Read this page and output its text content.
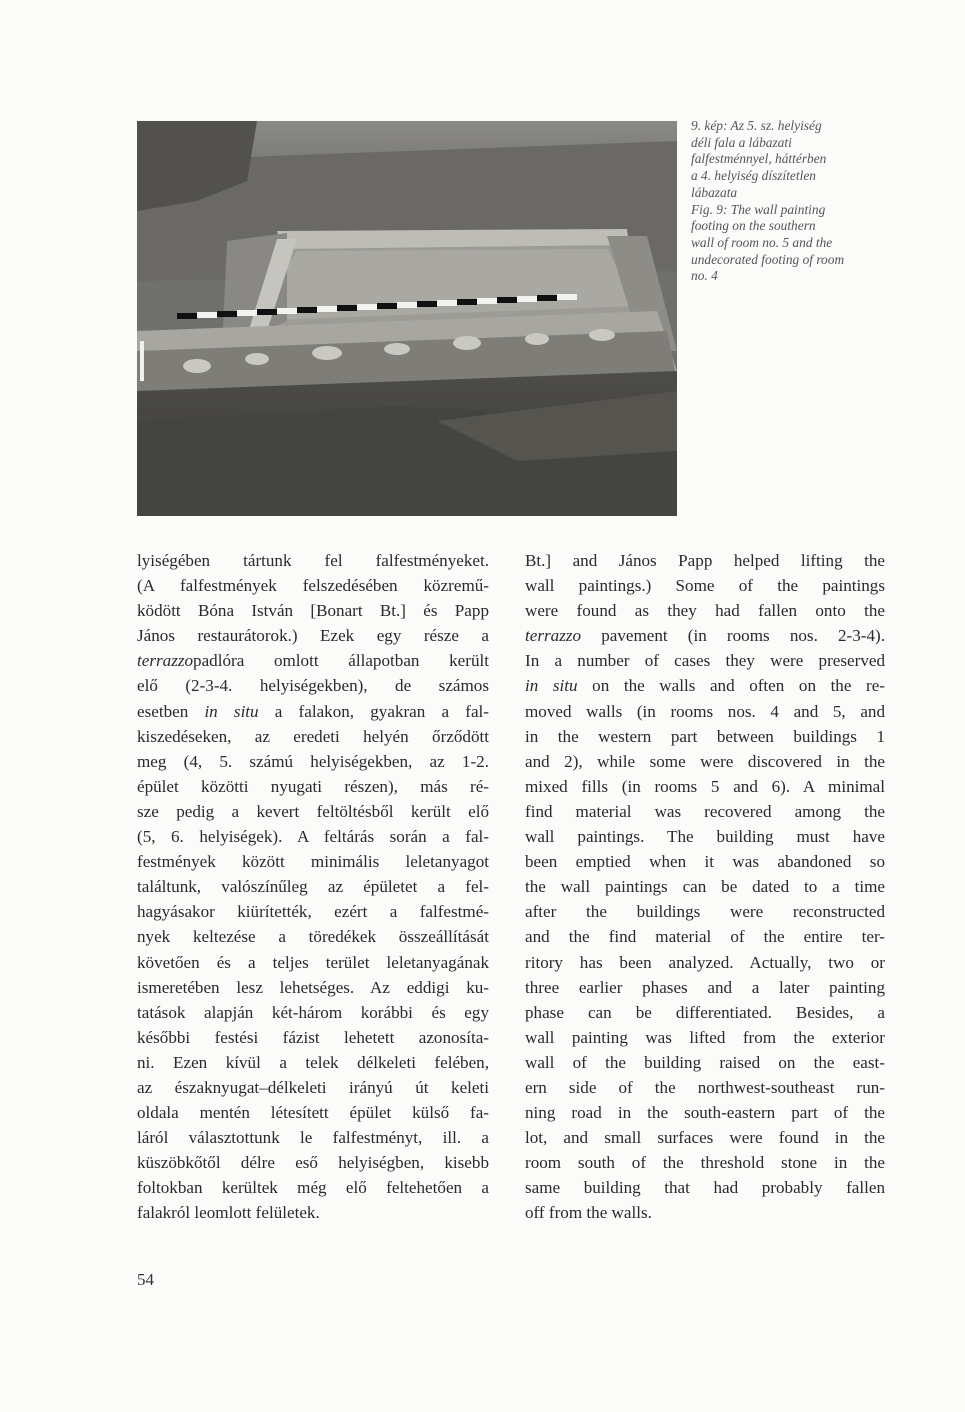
9. kép: Az 5. sz. helyiség
déli fala a lábazati
falfestménnyel, háttérben
a 4. helyiség díszítetlen
lábazata
Fig. 9: The wall painting
footing on the southern
wall of room no. 5 and the
undecorated footing of room
no. 4
lyiségében tártunk fel falfestményeket.
(A falfestmények felszedésében közremű-
ködött Bóna István [Bonart Bt.] és Papp
János restaurátorok.) Ezek egy része a
terrazzopadlóra omlott állapotban került
elő (2-3-4. helyiségekben), de számos
esetben in situ a falakon, gyakran a fal-
kiszedéseken, az eredeti helyén őrződött
meg (4, 5. számú helyiségekben, az 1-2.
épület közötti nyugati részen), más ré-
sze pedig a kevert feltöltésből került elő
(5, 6. helyiségek). A feltárás során a fal-
festmények között minimális leletanyagot
találtunk, valószínűleg az épületet a fel-
hagyásakor kiürítették, ezért a falfestmé-
nyek keltezése a töredékek összeállítását
követően és a teljes terület leletanyagának
ismeretében lesz lehetséges. Az eddigi ku-
tatások alapján két-három korábbi és egy
későbbi festési fázist lehetett azonosíta-
ni. Ezen kívül a telek délkeleti felében,
az északnyugat–délkeleti irányú út keleti
oldala mentén létesített épület külső fa-
láról választottunk le falfestményt, ill. a
küszöbkőtől délre eső helyiségben, kisebb
foltokban kerültek még elő feltehetően a
falakról leomlott felületek.
Bt.] and János Papp helped lifting the
wall paintings.) Some of the paintings
were found as they had fallen onto the
terrazzo pavement (in rooms nos. 2-3-4).
In a number of cases they were preserved
in situ on the walls and often on the re-
moved walls (in rooms nos. 4 and 5, and
in the western part between buildings 1
and 2), while some were discovered in the
mixed fills (in rooms 5 and 6). A minimal
find material was recovered among the
wall paintings. The building must have
been emptied when it was abandoned so
the wall paintings can be dated to a time
after the buildings were reconstructed
and the find material of the entire ter-
ritory has been analyzed. Actually, two or
three earlier phases and a later painting
phase can be differentiated. Besides, a
wall painting was lifted from the exterior
wall of the building raised on the east-
ern side of the northwest-southeast run-
ning road in the south-eastern part of the
lot, and small surfaces were found in the
room south of the threshold stone in the
same building that had probably fallen
off from the walls.
54
